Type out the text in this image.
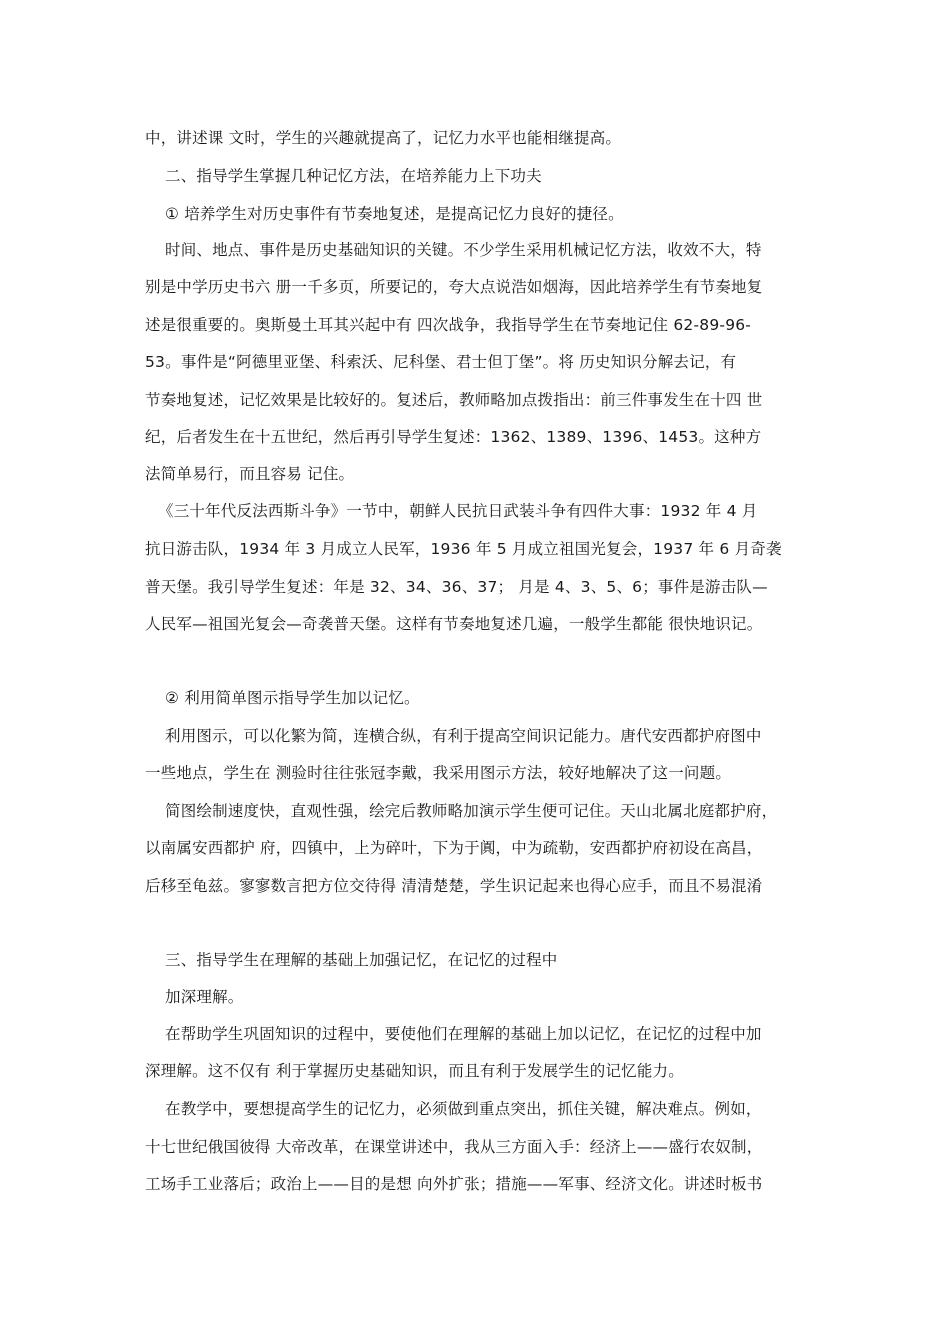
中，讲述课 文时，学生的兴趣就提高了，记忆力水平也能相继提高。
二、指导学生掌握几种记忆方法，在培养能力上下功夫
① 培养学生对历史事件有节奏地复述，是提高记忆力良好的捷径。
时间、地点、事件是历史基础知识的关键。不少学生采用机械记忆方法，收效不大，特
别是中学历史书六 册一千多页，所要记的，夸大点说浩如烟海，因此培养学生有节奏地复
述是很重要的。奥斯曼土耳其兴起中有 四次战争，我指导学生在节奏地记住 62-89-96-
53。事件是“阿德里亚堡、科索沃、尼科堡、君士但丁堡”。将 历史知识分解去记，有
节奏地复述，记忆效果是比较好的。复述后，教师略加点拨指出：前三件事发生在十四 世
纪，后者发生在十五世纪，然后再引导学生复述：1362、1389、1396、1453。这种方
法简单易行，而且容易 记住。
《三十年代反法西斯斗争》一节中，朝鲜人民抗日武装斗争有四件大事：1932 年 4 月
抗日游击队，1934 年 3 月成立人民军，1936 年 5 月成立祖国光复会，1937 年 6 月奇袭
普天堡。我引导学生复述：年是 32、34、36、37； 月是 4、3、5、6；事件是游击队—
人民军—祖国光复会—奇袭普天堡。这样有节奏地复述几遍，一般学生都能 很快地识记。
② 利用简单图示指导学生加以记忆。
利用图示，可以化繁为简，连横合纵，有利于提高空间识记能力。唐代安西都护府图中
一些地点，学生在 测验时往往张冠李戴，我采用图示方法，较好地解决了这一问题。
简图绘制速度快，直观性强，绘完后教师略加演示学生便可记住。天山北属北庭都护府，
以南属安西都护 府，四镇中，上为碎叶，下为于阗，中为疏勒，安西都护府初设在高昌，
后移至龟兹。寥寥数言把方位交待得 清清楚楚，学生识记起来也得心应手，而且不易混淆
三、指导学生在理解的基础上加强记忆，在记忆的过程中
加深理解。
在帮助学生巩固知识的过程中，要使他们在理解的基础上加以记忆，在记忆的过程中加
深理解。这不仅有 利于掌握历史基础知识，而且有利于发展学生的记忆能力。
在教学中，要想提高学生的记忆力，必须做到重点突出，抓住关键，解决难点。例如，
十七世纪俄国彼得 大帝改革，在课堂讲述中，我从三方面入手：经济上——盛行农奴制，
工场手工业落后；政治上——目的是想 向外扩张；措施——军事、经济文化。讲述时板书
